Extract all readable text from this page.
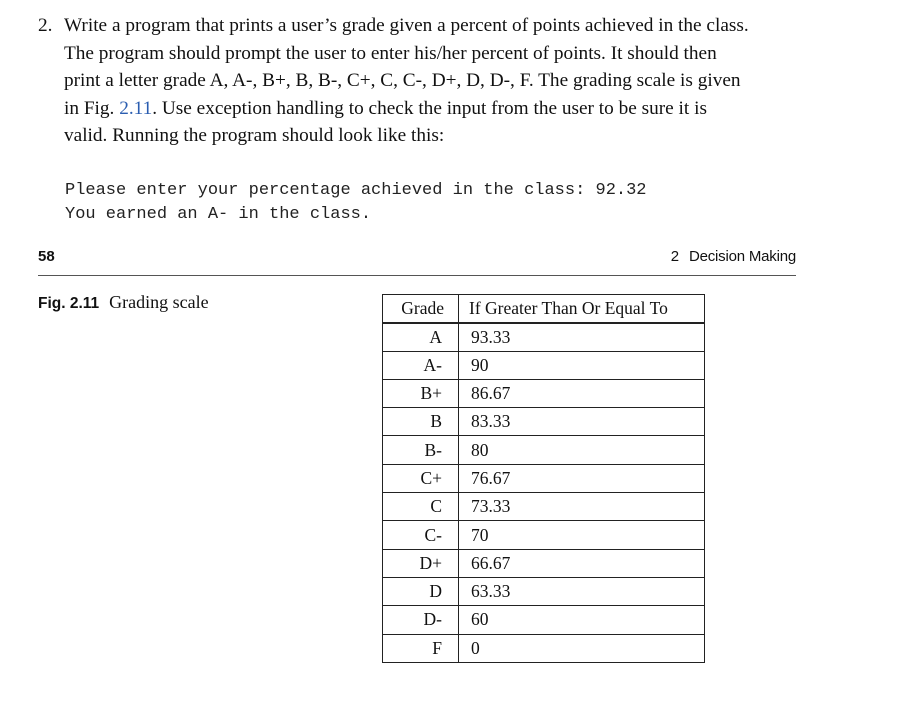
2. Write a program that prints a user’s grade given a percent of points achieved in the class.
The program should prompt the user to enter his/her percent of points. It should then
print a letter grade A, A-, B+, B, B-, C+, C, C-, D+, D, D-, F. The grading scale is given
in Fig. 2.11. Use exception handling to check the input from the user to be sure it is
valid. Running the program should look like this:
Please enter your percentage achieved in the class: 92.32
You earned an A- in the class.
58	2 Decision Making
Fig. 2.11 Grading scale	Grade	If Greater Than Or Equal To
A	93.33
A-	90
B+	86.67
B	83.33
B-	80
C+	76.67
C	73.33
C-	70
D+	66.67
D	63.33
D-	60
F	0
